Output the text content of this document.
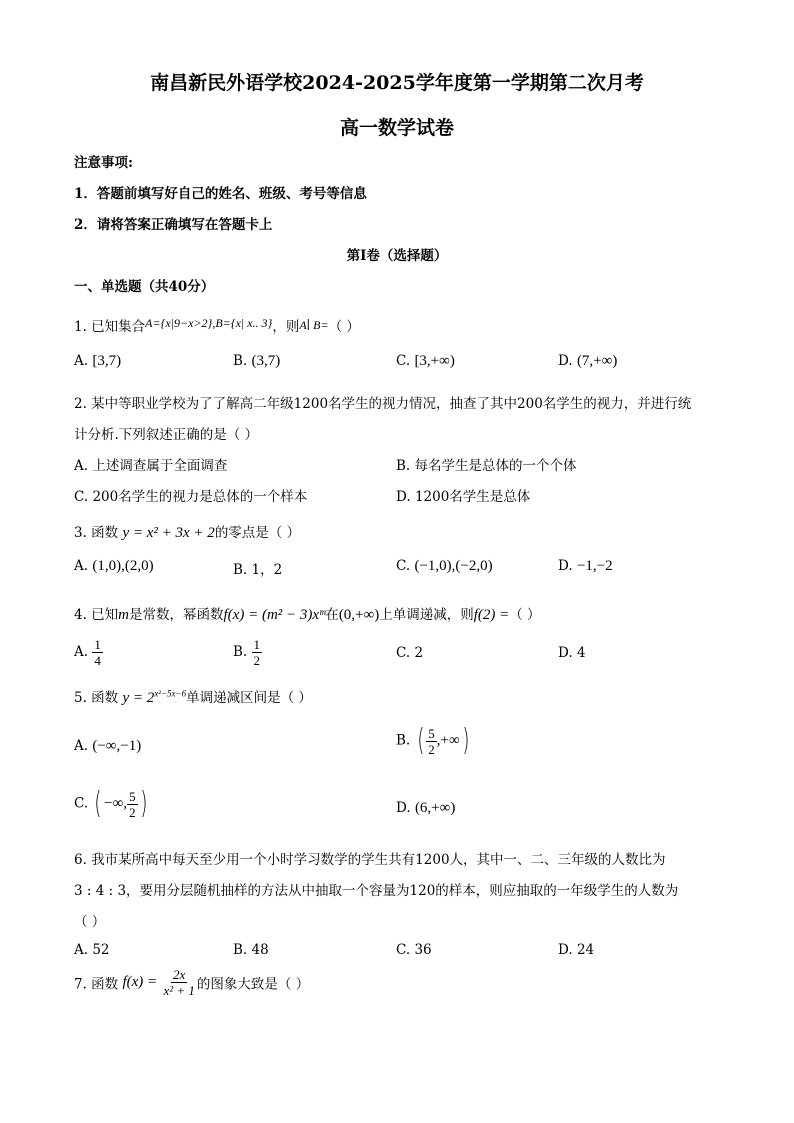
南昌新民外语学校2024-2025学年度第一学期第二次月考
高一数学试卷
注意事项:
1．答题前填写好自己的姓名、班级、考号等信息
2．请将答案正确填写在答题卡上
第Ⅰ卷（选择题）
一、单选题（共40分）
1. 已知集合A={x|9−x>2},B={x| x.. 3}，则A∣ B=（ ）
A. [3,7)	B. (3,7)	C. [3,+∞)	D. (7,+∞)
2. 某中等职业学校为了了解高二年级1200名学生的视力情况，抽查了其中200名学生的视力，并进行统
计分析.下列叙述正确的是（ ）
A. 上述调查属于全面调查	B. 每名学生是总体的一个个体
C. 200名学生的视力是总体的一个样本	D. 1200名学生是总体
3. 函数 y = x² + 3x + 2的零点是（ ）
A. (1,0),(2,0)	B. 1，2	C. (−1,0),(−2,0)	D. −1,−2
4. 已知m是常数，幂函数f(x) = (m² − 3)xᵐ在(0,+∞)上单调递减，则f(2) =（ ）
A. $\frac{1}{4}$	B. $\frac{1}{2}$	C. 2	D. 4
5. 函数 $y = 2^{x^2-5x-6}$单调递减区间是（ ）
A. (−∞,−1)	B. ( $\frac{5}{2}$ ,+∞)
C. ( −∞, $\frac{5}{2}$ )	D. (6,+∞)
6. 我市某所高中每天至少用一个小时学习数学的学生共有1200人，其中一、二、三年级的人数比为
3 : 4 : 3，要用分层随机抽样的方法从中抽取一个容量为120的样本，则应抽取的一年级学生的人数为
（ ）
A. 52	B. 48	C. 36	D. 24
7. 函数 $f(x) = \frac{2x}{\text{x² + 1}}$ 的图象大致是（ ）
